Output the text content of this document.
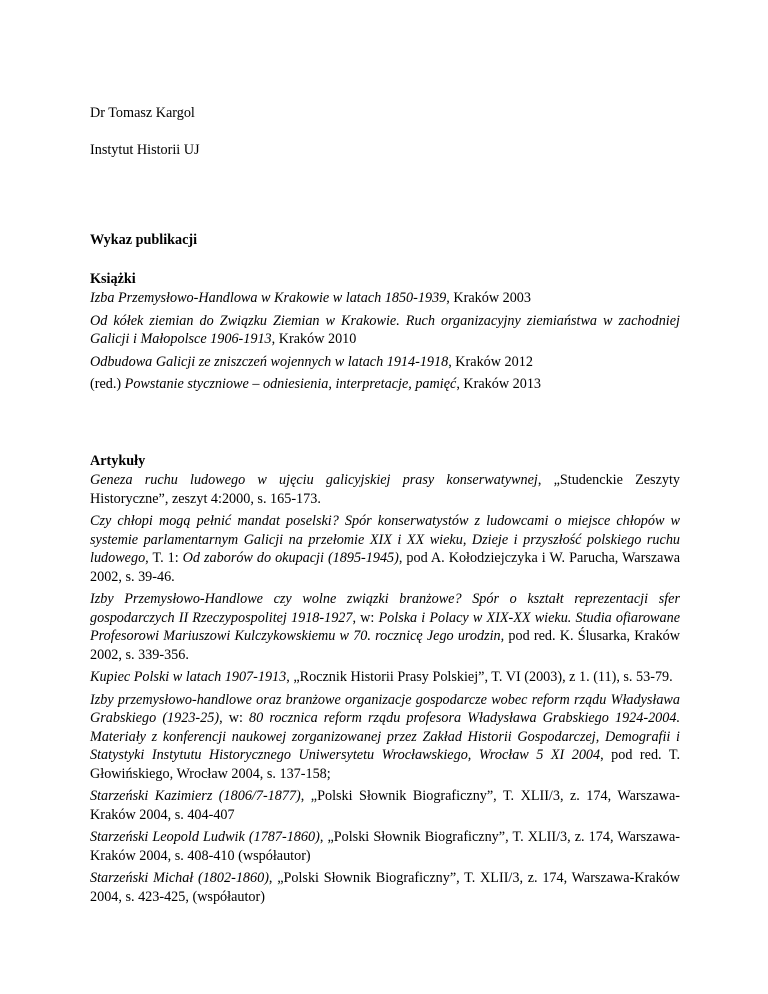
Dr Tomasz Kargol
Instytut Historii UJ
Wykaz publikacji
Książki
Izba Przemysłowo-Handlowa w Krakowie w latach 1850-1939, Kraków 2003
Od kółek ziemian do Związku Ziemian w Krakowie. Ruch organizacyjny ziemiaństwa w zachodniej Galicji i Małopolsce 1906-1913, Kraków 2010
Odbudowa Galicji ze zniszczeń wojennych w latach 1914-1918, Kraków 2012
(red.) Powstanie styczniowe – odniesienia, interpretacje, pamięć, Kraków 2013
Artykuły
Geneza ruchu ludowego w ujęciu galicyjskiej prasy konserwatywnej, „Studenckie Zeszyty Historyczne”, zeszyt 4:2000, s. 165-173.
Czy chłopi mogą pełnić mandat poselski? Spór konserwatystów z ludowcami o miejsce chłopów w systemie parlamentarnym Galicji na przełomie XIX i XX wieku, Dzieje i przyszłość polskiego ruchu ludowego, T. 1: Od zaborów do okupacji (1895-1945), pod A. Kołodziejczyka i W. Parucha, Warszawa 2002, s. 39-46.
Izby Przemysłowo-Handlowe czy wolne związki branżowe? Spór o kształt reprezentacji sfer gospodarczych II Rzeczypospolitej 1918-1927, w: Polska i Polacy w XIX-XX wieku. Studia ofiarowane Profesorowi Mariuszowi Kulczykowskiemu w 70. rocznicę Jego urodzin, pod red. K. Ślusarka, Kraków 2002, s. 339-356.
Kupiec Polski w latach 1907-1913, „Rocznik Historii Prasy Polskiej”, T. VI (2003), z 1. (11), s. 53-79.
Izby przemysłowo-handlowe oraz branżowe organizacje gospodarcze wobec reform rządu Władysława Grabskiego (1923-25), w: 80 rocznica reform rządu profesora Władysława Grabskiego 1924-2004. Materiały z konferencji naukowej zorganizowanej przez Zakład Historii Gospodarczej, Demografii i Statystyki Instytutu Historycznego Uniwersytetu Wrocławskiego, Wrocław 5 XI 2004, pod red. T. Głowińskiego, Wrocław 2004, s. 137-158;
Starzeński Kazimierz (1806/7-1877), „Polski Słownik Biograficzny”, T. XLII/3, z. 174, Warszawa-Kraków 2004, s. 404-407
Starzeński Leopold Ludwik (1787-1860), „Polski Słownik Biograficzny”, T. XLII/3, z. 174, Warszawa-Kraków 2004, s. 408-410 (współautor)
Starzeński Michał (1802-1860), „Polski Słownik Biograficzny”, T. XLII/3, z. 174, Warszawa-Kraków 2004, s. 423-425, (współautor)
